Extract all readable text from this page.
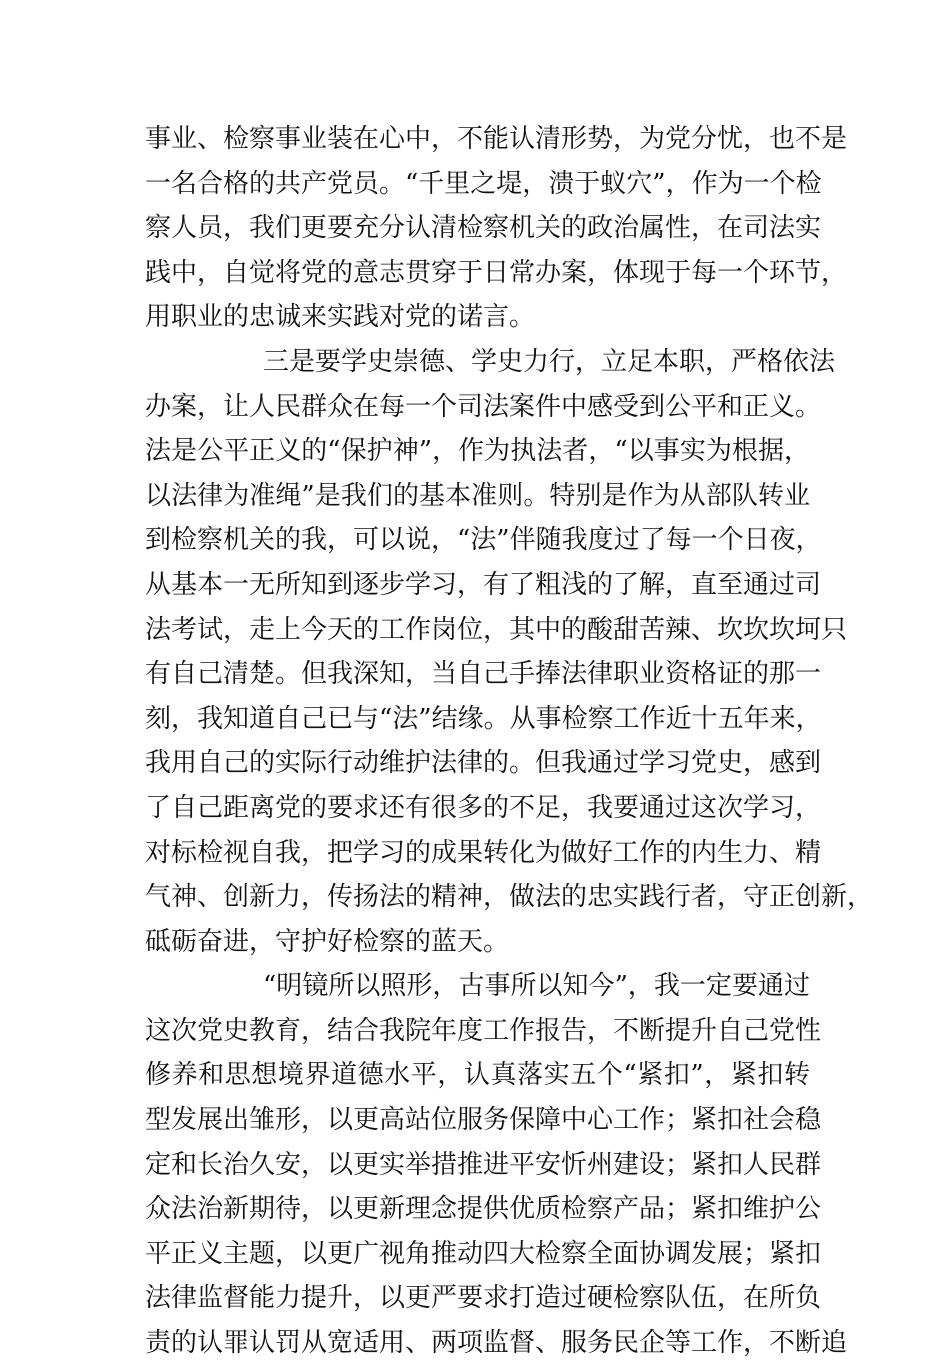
事业、检察事业装在心中，不能认清形势，为党分忧，也不是
一名合格的共产党员。“千里之堤，溃于蚁穴”，作为一个检
察人员，我们更要充分认清检察机关的政治属性，在司法实
践中，自觉将党的意志贯穿于日常办案，体现于每一个环节，
用职业的忠诚来实践对党的诺言。
三是要学史崇德、学史力行，立足本职，严格依法
办案，让人民群众在每一个司法案件中感受到公平和正义。
法是公平正义的“保护神”，作为执法者，“以事实为根据，
以法律为准绳”是我们的基本准则。特别是作为从部队转业
到检察机关的我，可以说，“法”伴随我度过了每一个日夜，
从基本一无所知到逐步学习，有了粗浅的了解，直至通过司
法考试，走上今天的工作岗位，其中的酸甜苦辣、坎坎坎坷只
有自己清楚。但我深知，当自己手捧法律职业资格证的那一
刻，我知道自己已与“法”结缘。从事检察工作近十五年来，
我用自己的实际行动维护法律的。但我通过学习党史，感到
了自己距离党的要求还有很多的不足，我要通过这次学习，
对标检视自我，把学习的成果转化为做好工作的内生力、精
气神、创新力，传扬法的精神，做法的忠实践行者，守正创新，
砥砺奋进，守护好检察的蓝天。
“明镜所以照形，古事所以知今”，我一定要通过
这次党史教育，结合我院年度工作报告，不断提升自己党性
修养和思想境界道德水平，认真落实五个“紧扣”，紧扣转
型发展出雏形，以更高站位服务保障中心工作；紧扣社会稳
定和长治久安，以更实举措推进平安忻州建设；紧扣人民群
众法治新期待，以更新理念提供优质检察产品；紧扣维护公
平正义主题，以更广视角推动四大检察全面协调发展；紧扣
法律监督能力提升，以更严要求打造过硬检察队伍，在所负
责的认罪认罚从宽适用、两项监督、服务民企等工作，不断追
